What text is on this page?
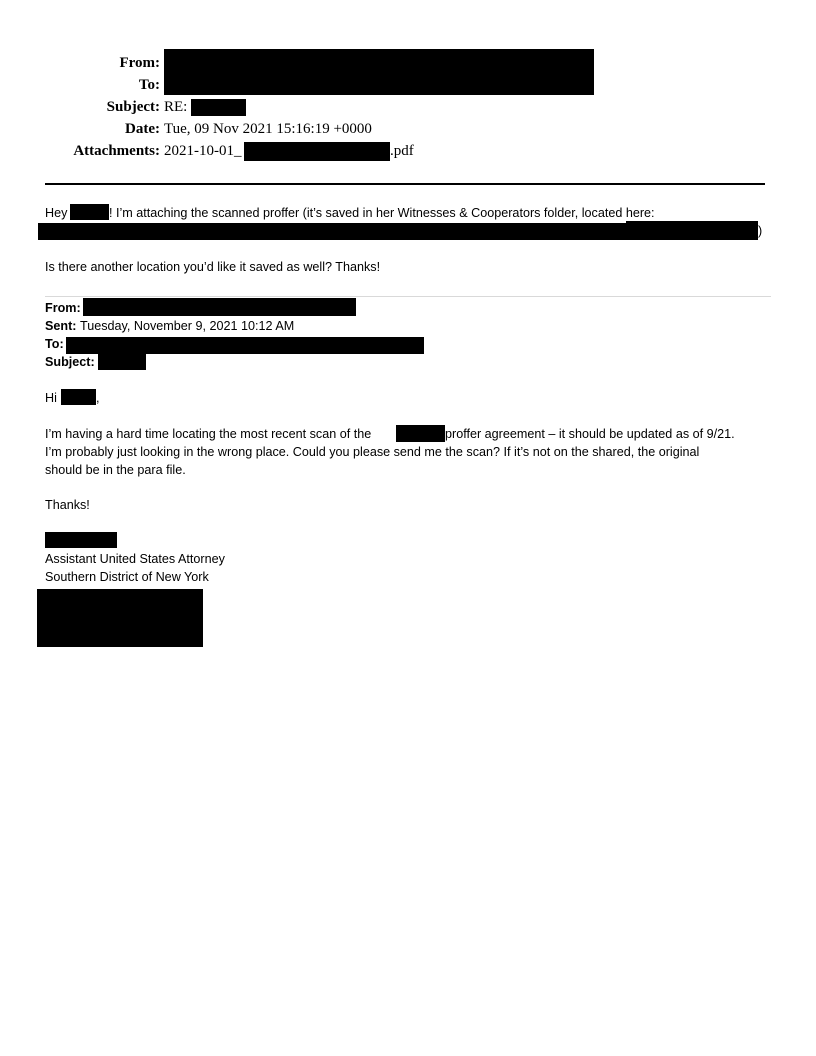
From:
To:
Subject: RE:
Date: Tue, 09 Nov 2021 15:16:19 +0000
Attachments: 2021-10-01_	.pdf
Hey	! I’m attaching the scanned proffer (it’s saved in her Witnesses & Cooperators folder, located here:
)
Is there another location you’d like it saved as well? Thanks!
From:
Sent: Tuesday, November 9, 2021 10:12 AM
To:
Subject:
Hi	,
I’m having a hard time locating the most recent scan of the	proffer agreement – it should be updated as of 9/21.
I’m probably just looking in the wrong place. Could you please send me the scan? If it’s not on the shared, the original
should be in the para file.
Thanks!
Assistant United States Attorney
Southern District of New York
